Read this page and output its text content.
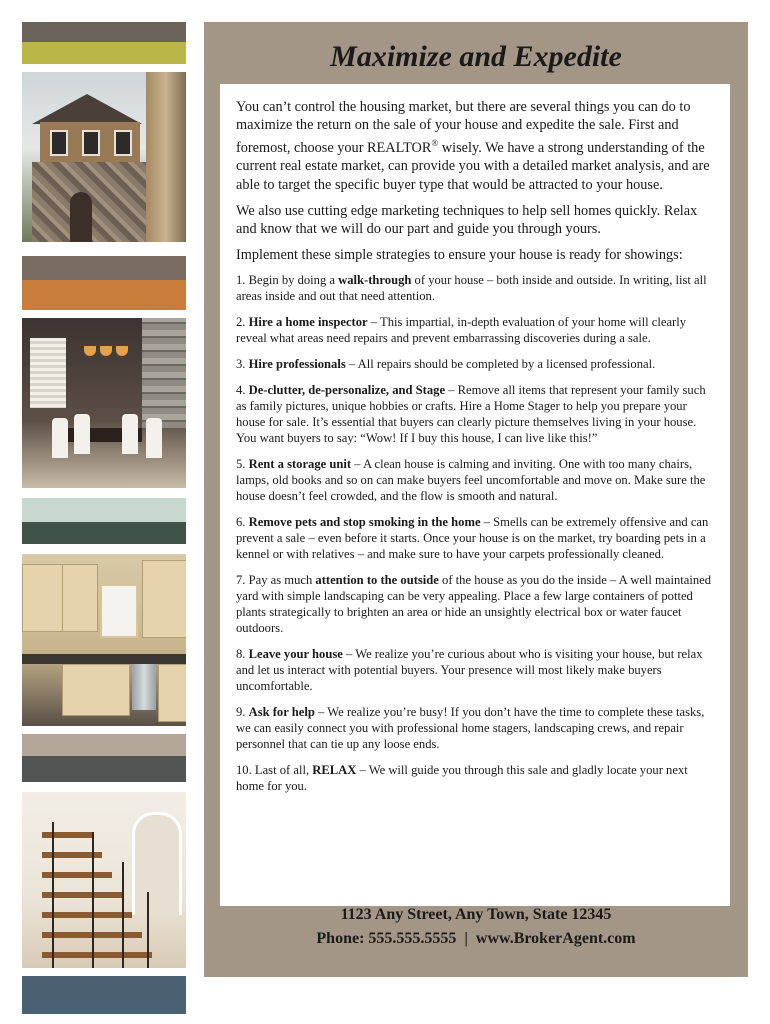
Maximize and Expedite

You can’t control the housing market, but there are several things you can do to maximize the return on the sale of your house and expedite the sale. First and foremost, choose your REALTOR® wisely. We have a strong understanding of the current real estate market, can provide you with a detailed market analysis, and are able to target the specific buyer type that would be attracted to your house.

We also use cutting edge marketing techniques to help sell homes quickly. Relax and know that we will do our part and guide you through yours.

Implement these simple strategies to ensure your house is ready for showings:

1. Begin by doing a walk-through of your house – both inside and outside. In writing, list all areas inside and out that need attention.

2. Hire a home inspector – This impartial, in-depth evaluation of your home will clearly reveal what areas need repairs and prevent embarrassing discoveries during a sale.

3. Hire professionals – All repairs should be completed by a licensed professional.

4. De-clutter, de-personalize, and Stage – Remove all items that represent your family such as family pictures, unique hobbies or crafts. Hire a Home Stager to help you prepare your house for sale. It’s essential that buyers can clearly picture themselves living in your house. You want buyers to say: “Wow! If I buy this house, I can live like this!”

5. Rent a storage unit – A clean house is calming and inviting. One with too many chairs, lamps, old books and so on can make buyers feel uncomfortable and move on. Make sure the house doesn’t feel crowded, and the flow is smooth and natural.

6. Remove pets and stop smoking in the home – Smells can be extremely offensive and can prevent a sale – even before it starts. Once your house is on the market, try boarding pets in a kennel or with relatives – and make sure to have your carpets professionally cleaned.

7. Pay as much attention to the outside of the house as you do the inside – A well maintained yard with simple landscaping can be very appealing. Place a few large containers of potted plants strategically to brighten an area or hide an unsightly electrical box or water faucet outdoors.

8. Leave your house – We realize you’re curious about who is visiting your house, but relax and let us interact with potential buyers. Your presence will most likely make buyers uncomfortable.

9. Ask for help – We realize you’re busy! If you don’t have the time to complete these tasks, we can easily connect you with professional home stagers, landscaping crews, and repair personnel that can tie up any loose ends.

10. Last of all, RELAX – We will guide you through this sale and gladly locate your next home for you.

1123 Any Street, Any Town, State 12345
Phone: 555.555.5555  |  www.BrokerAgent.com
